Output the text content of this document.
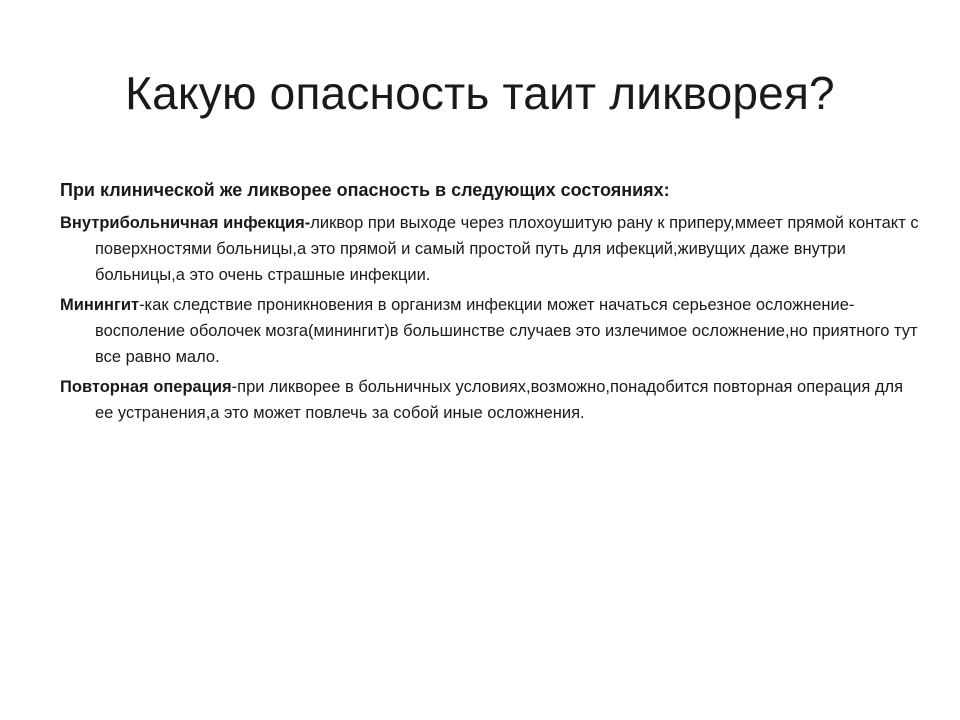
Какую опасность таит ликворея?

При клинической же ликворее опасность в следующих состояниях:

Внутрибольничная инфекция-ликвор при выходе через плохоушитую рану к приперу,ммеет прямой контакт с поверхностями больницы,а это прямой и самый простой путь для ифекций,живущих даже внутри больницы,а это очень страшные инфекции.

Минингит-как следствие проникновения в организм инфекции может начаться серьезное осложнение-восполение оболочек мозга(минингит)в большинстве случаев это излечимое осложнение,но приятного тут все равно мало.

Повторная операция-при ликворее в больничных условиях,возможно,понадобится повторная операция для ее устранения,а это может повлечь за собой иные осложнения.
